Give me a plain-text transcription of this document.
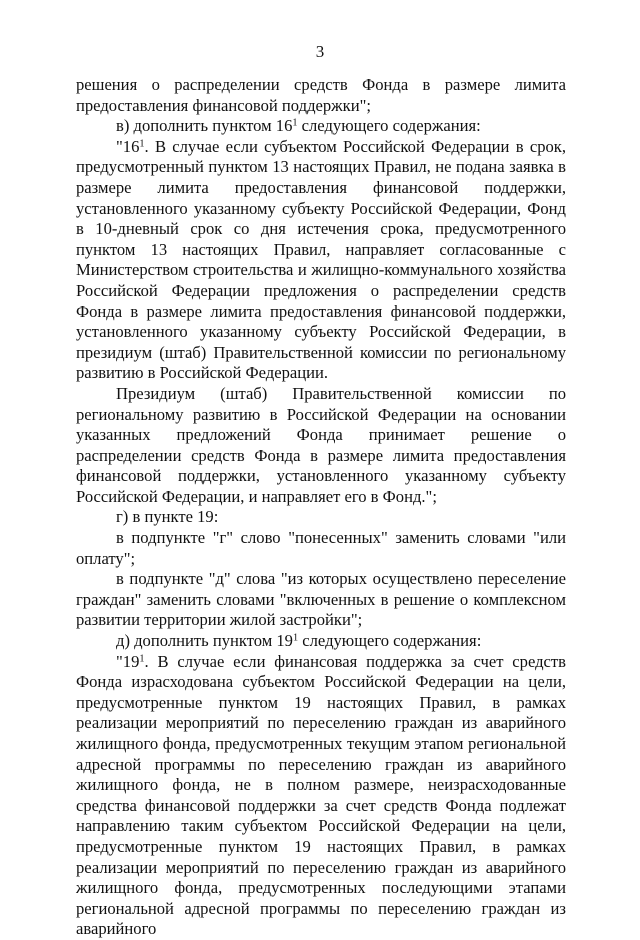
3

решения о распределении средств Фонда в размере лимита предоставления финансовой поддержки";

в) дополнить пунктом $16^1$ следующего содержания:

"$16^1$. В случае если субъектом Российской Федерации в срок, предусмотренный пунктом 13 настоящих Правил, не подана заявка в размере лимита предоставления финансовой поддержки, установленного указанному субъекту Российской Федерации, Фонд в 10-дневный срок со дня истечения срока, предусмотренного пунктом 13 настоящих Правил, направляет согласованные с Министерством строительства и жилищно-коммунального хозяйства Российской Федерации предложения о распределении средств Фонда в размере лимита предоставления финансовой поддержки, установленного указанному субъекту Российской Федерации, в президиум (штаб) Правительственной комиссии по региональному развитию в Российской Федерации.

Президиум (штаб) Правительственной комиссии по региональному развитию в Российской Федерации на основании указанных предложений Фонда принимает решение о распределении средств Фонда в размере лимита предоставления финансовой поддержки, установленного указанному субъекту Российской Федерации, и направляет его в Фонд.";

г) в пункте 19:

в подпункте "г" слово "понесенных" заменить словами "или оплату";

в подпункте "д" слова "из которых осуществлено переселение граждан" заменить словами "включенных в решение о комплексном развитии территории жилой застройки";

д) дополнить пунктом $19^1$ следующего содержания:

"$19^1$. В случае если финансовая поддержка за счет средств Фонда израсходована субъектом Российской Федерации на цели, предусмотренные пунктом 19 настоящих Правил, в рамках реализации мероприятий по переселению граждан из аварийного жилищного фонда, предусмотренных текущим этапом региональной адресной программы по переселению граждан из аварийного жилищного фонда, не в полном размере, неизрасходованные средства финансовой поддержки за счет средств Фонда подлежат направлению таким субъектом Российской Федерации на цели, предусмотренные пунктом 19 настоящих Правил, в рамках реализации мероприятий по переселению граждан из аварийного жилищного фонда, предусмотренных последующими этапами региональной адресной программы по переселению граждан из аварийного
